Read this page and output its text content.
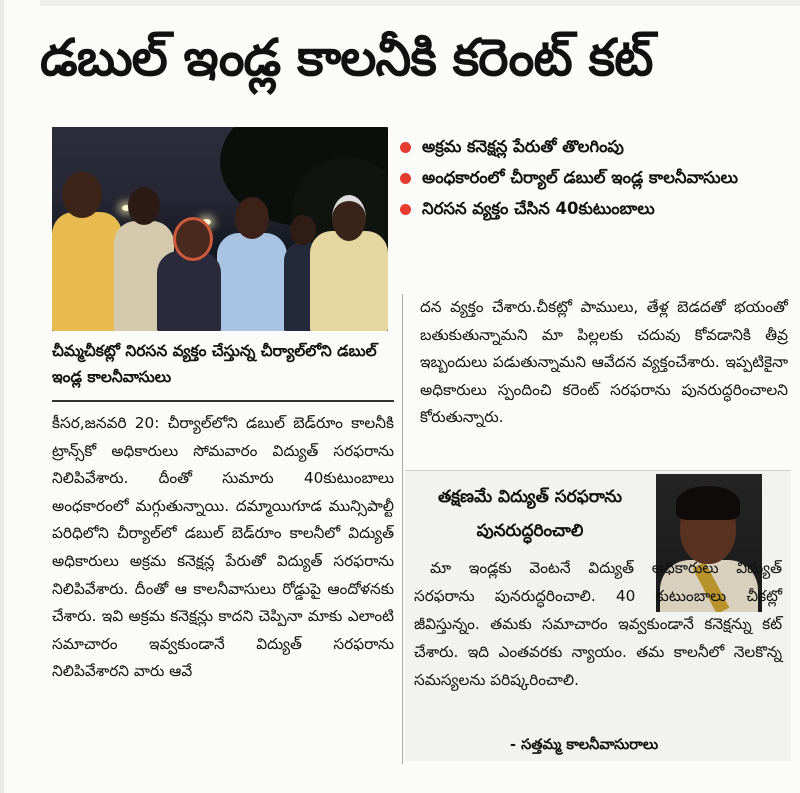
డబుల్ ఇండ్ల కాలనీకి కరెంట్ కట్

చీమ్మచీకట్లో నిరసన వ్యక్తం చేస్తున్న చీర్యాల్‌లోని డబుల్ ఇండ్ల కాలనీవాసులు

అక్రమ కనెక్షన్ల పేరుతో తొలగింపు
అంధకారంలో చీర్యాల్ డబుల్ ఇండ్ల కాలనీవాసులు
నిరసన వ్యక్తం చేసిన 40కుటుంబాలు

కీసర,జనవరి 20: చీర్యాల్‌లోని డబుల్ బెడ్‌రూం కాలనీకి ట్రాన్స్‌కో అధికారులు సోమవారం విద్యుత్ సరఫరాను నిలిపివేశారు. దీంతో సుమారు 40కుటుంబాలు అంధకారంలో మగ్గుతున్నాయి. దమ్మాయిగూడ మున్సిపాల్టీ పరిధిలోని చీర్యాల్‌లో డబుల్ బెడ్‌రూం కాలనీలో విద్యుత్ అధికారులు అక్రమ కనెక్షన్ల పేరుతో విద్యుత్ సరఫరాను నిలిపివేశారు. దీంతో ఆ కాలనీవాసులు రోడ్డుపై ఆందోళనకు చేశారు. ఇవి అక్రమ కనెక్షన్లు కాదని చెప్పినా మాకు ఎలాంటి సమాచారం ఇవ్వకుండానే విద్యుత్ సరఫరాను నిలిపివేశారని వారు ఆవే

దన వ్యక్తం చేశారు.చీకట్లో పాములు, తేళ్ల బెడదతో భయంతో బతుకుతున్నామని మా పిల్లలకు చదువు కోవడానికి తీవ్ర ఇబ్బందులు పడుతున్నామని ఆవేదన వ్యక్తంచేశారు. ఇప్పటికైనా అధికారులు స్పందించి కరెంట్ సరఫరాను పునరుద్ధరించాలని కోరుతున్నారు.

తక్షణమే విద్యుత్ సరఫరాను పునరుద్ధరించాలి

మా ఇండ్లకు వెంటనే విద్యుత్ అధికారులు విద్యుత్ సరఫరాను పునరుద్ధరించాలి. 40 కుటుంబాలు చీకట్లో జీవిస్తున్నం. తమకు సమాచారం ఇవ్వకుండానే కనెక్షన్ను కట్ చేశారు. ఇది ఎంతవరకు న్యాయం. తమ కాలనీలో నెలకొన్న సమస్యలను పరిష్కరించాలి.

- సత్తమ్మ కాలనీవాసురాలు
